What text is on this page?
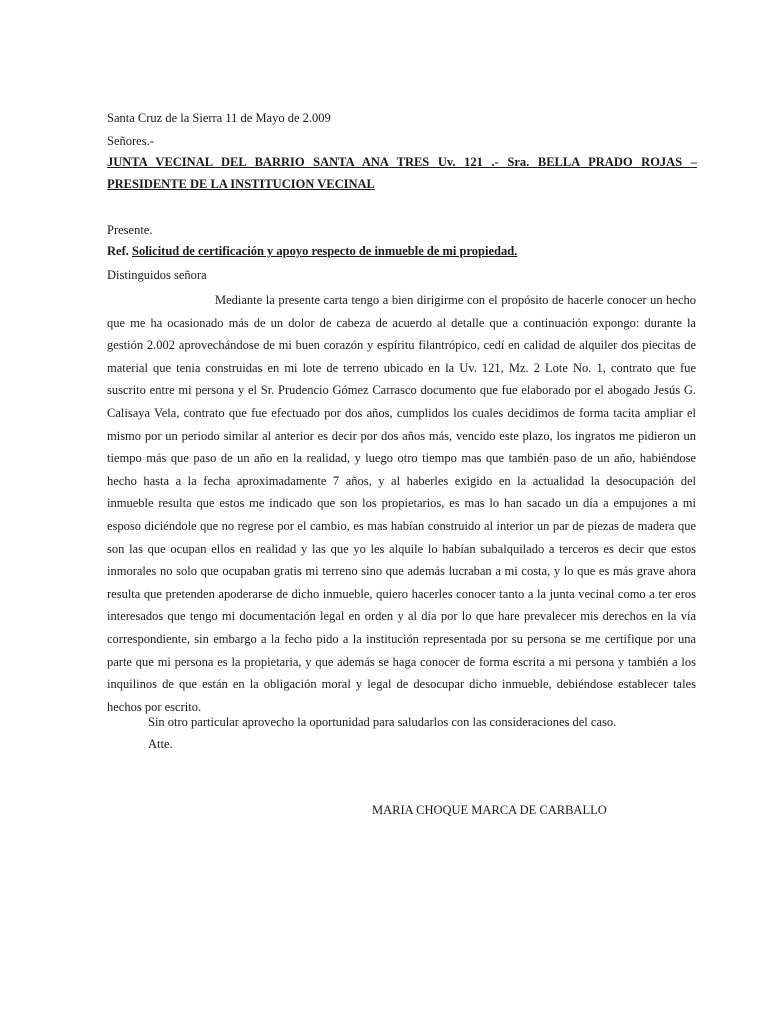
Santa Cruz de la Sierra 11 de Mayo de 2.009
Señores.-
JUNTA VECINAL DEL BARRIO SANTA ANA TRES Uv. 121 .- Sra. BELLA PRADO ROJAS –
PRESIDENTE DE LA INSTITUCION VECINAL
Presente.
Ref. Solicitud de certificación y apoyo respecto de inmueble de mi propiedad.
Distinguidos señora
Mediante la presente carta tengo a bien dirigirme con el propósito de hacerle conocer un hecho
que me ha ocasionado más de un dolor de cabeza de acuerdo al detalle que a continuación expongo: durante la
gestión 2.002 aprovechándose de mi buen corazón y espíritu filantrópico, cedí en calidad de alquiler dos piecitas de
material que tenia construidas en mi lote de terreno ubicado en la Uv. 121, Mz. 2 Lote No. 1, contrato que fue
suscrito entre mi persona y el Sr. Prudencio Gómez Carrasco documento que fue elaborado por el abogado Jesús G.
Calisaya Vela, contrato que fue efectuado por dos años, cumplidos los cuales decidimos de forma tacita ampliar el
mismo por un periodo similar al anterior es decir por dos años más, vencido este plazo, los ingratos me pidieron un
tiempo más que paso de un año en la realidad, y luego otro tiempo mas que también paso de un año, habiéndose
hecho hasta a la fecha aproximadamente 7 años, y al haberles exigido en la actualidad la desocupación del
inmueble resulta que estos me indicado que son los propietarios, es mas lo han sacado un día a empujones a mi
esposo diciéndole que no regrese por el cambio, es mas habían construido al interior un par de piezas de madera que
son las que ocupan ellos en realidad y las que yo les alquile lo habían subalquilado a terceros es decir que estos
inmorales no solo que ocupaban gratis mi terreno sino que además lucraban a mi costa, y lo que es más grave ahora
resulta que pretenden apoderarse de dicho inmueble, quiero hacerles conocer tanto a la junta vecinal como a ter eros
interesados que tengo mi documentación legal en orden y al día por lo que hare prevalecer mis derechos en la vía
correspondiente, sin embargo a la fecho pido a la institución representada por su persona se me certifique por una
parte que mi persona es la propietaria, y que además se haga conocer de forma escrita a mi persona y también a los
inquilinos de que están en la obligación moral y legal de desocupar dicho inmueble, debiéndose establecer tales
hechos por escrito.
Sin otro particular aprovecho la oportunidad para saludarlos con las consideraciones del caso.
Atte.
MARIA CHOQUE MARCA DE CARBALLO
